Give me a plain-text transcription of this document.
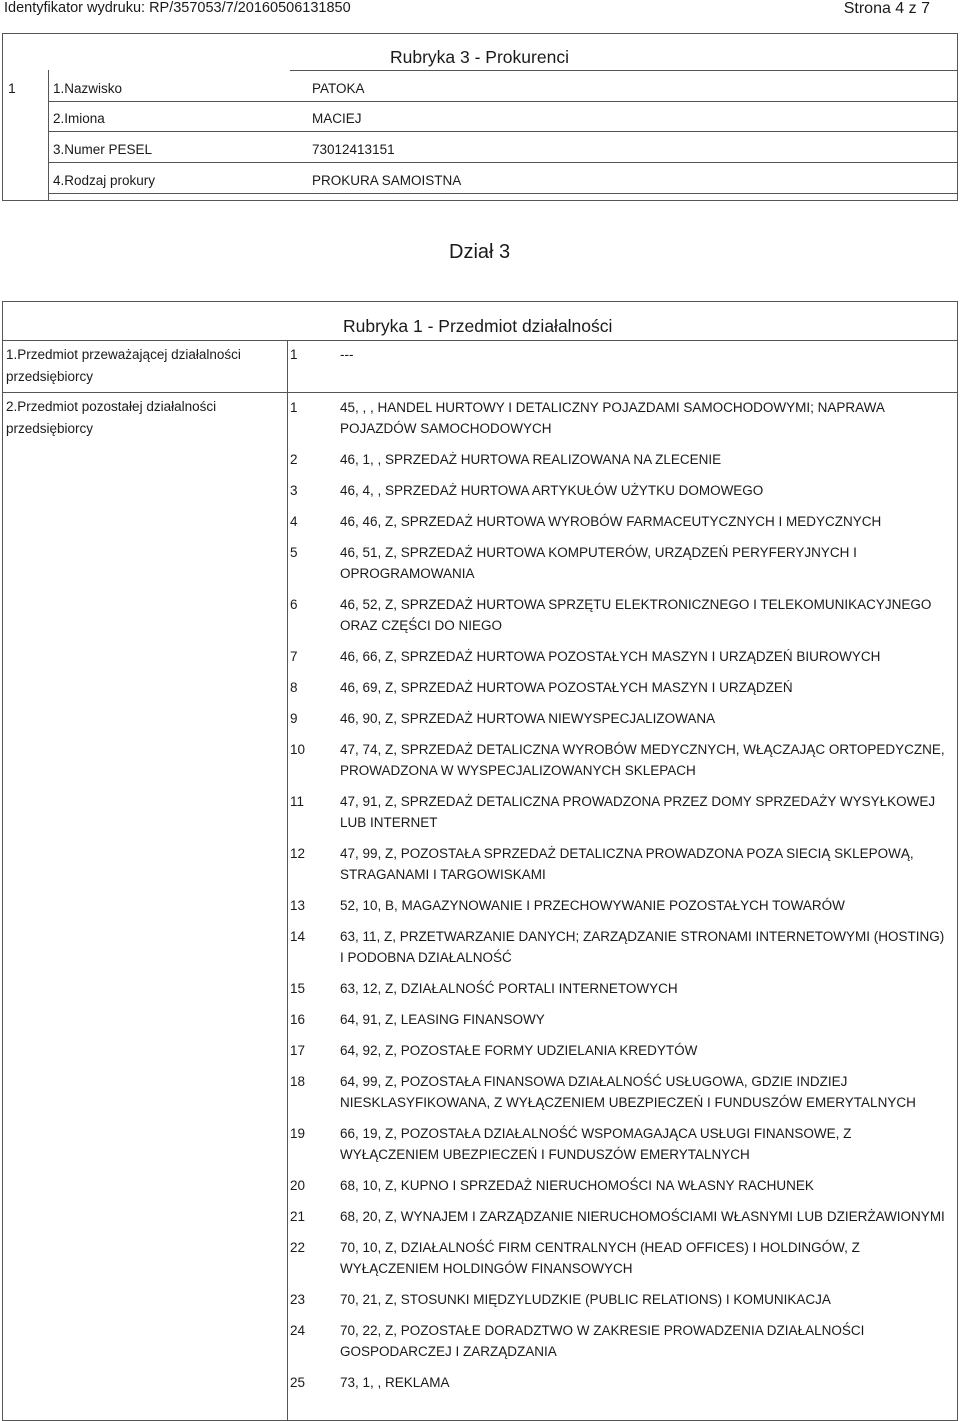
Identyfikator wydruku: RP/357053/7/20160506131850	Strona 4 z 7
Rubryka 3 - Prokurenci
1	1.Nazwisko	PATOKA
2.Imiona	MACIEJ
3.Numer PESEL	73012413151
4.Rodzaj prokury	PROKURA SAMOISTNA
Dział 3
Rubryka 1 - Przedmiot działalności
1.Przedmiot przeważającej działalności
przedsiębiorcy
1	---
2.Przedmiot pozostałej działalności
przedsiębiorcy
1	45, , , HANDEL HURTOWY I DETALICZNY POJAZDAMI SAMOCHODOWYMI; NAPRAWA POJAZDÓW SAMOCHODOWYCH
2	46, 1, , SPRZEDAŻ HURTOWA REALIZOWANA NA ZLECENIE
3	46, 4, , SPRZEDAŻ HURTOWA ARTYKUŁÓW UŻYTKU DOMOWEGO
4	46, 46, Z, SPRZEDAŻ HURTOWA WYROBÓW FARMACEUTYCZNYCH I MEDYCZNYCH
5	46, 51, Z, SPRZEDAŻ HURTOWA KOMPUTERÓW, URZĄDZEŃ PERYFERYJNYCH I OPROGRAMOWANIA
6	46, 52, Z, SPRZEDAŻ HURTOWA SPRZĘTU ELEKTRONICZNEGO I TELEKOMUNIKACYJNEGO ORAZ CZĘŚCI DO NIEGO
7	46, 66, Z, SPRZEDAŻ HURTOWA POZOSTAŁYCH MASZYN I URZĄDZEŃ BIUROWYCH
8	46, 69, Z, SPRZEDAŻ HURTOWA POZOSTAŁYCH MASZYN I URZĄDZEŃ
9	46, 90, Z, SPRZEDAŻ HURTOWA NIEWYSPECJALIZOWANA
10	47, 74, Z, SPRZEDAŻ DETALICZNA WYROBÓW MEDYCZNYCH, WŁĄCZAJĄC ORTOPEDYCZNE, PROWADZONA W WYSPECJALIZOWANYCH SKLEPACH
11	47, 91, Z, SPRZEDAŻ DETALICZNA PROWADZONA PRZEZ DOMY SPRZEDAŻY WYSYŁKOWEJ LUB INTERNET
12	47, 99, Z, POZOSTAŁA SPRZEDAŻ DETALICZNA PROWADZONA POZA SIECIĄ SKLEPOWĄ, STRAGANAMI I TARGOWISKAMI
13	52, 10, B, MAGAZYNOWANIE I PRZECHOWYWANIE POZOSTAŁYCH TOWARÓW
14	63, 11, Z, PRZETWARZANIE DANYCH; ZARZĄDZANIE STRONAMI INTERNETOWYMI (HOSTING) I PODOBNA DZIAŁALNOŚĆ
15	63, 12, Z, DZIAŁALNOŚĆ PORTALI INTERNETOWYCH
16	64, 91, Z, LEASING FINANSOWY
17	64, 92, Z, POZOSTAŁE FORMY UDZIELANIA KREDYTÓW
18	64, 99, Z, POZOSTAŁA FINANSOWA DZIAŁALNOŚĆ USŁUGOWA, GDZIE INDZIEJ NIESKLASYFIKOWANA, Z WYŁĄCZENIEM UBEZPIECZEŃ I FUNDUSZÓW EMERYTALNYCH
19	66, 19, Z, POZOSTAŁA DZIAŁALNOŚĆ WSPOMAGAJĄCA USŁUGI FINANSOWE, Z WYŁĄCZENIEM UBEZPIECZEŃ I FUNDUSZÓW EMERYTALNYCH
20	68, 10, Z, KUPNO I SPRZEDAŻ NIERUCHOMOŚCI NA WŁASNY RACHUNEK
21	68, 20, Z, WYNAJEM I ZARZĄDZANIE NIERUCHOMOŚCIAMI WŁASNYMI LUB DZIERŻAWIONYMI
22	70, 10, Z, DZIAŁALNOŚĆ FIRM CENTRALNYCH (HEAD OFFICES) I HOLDINGÓW, Z WYŁĄCZENIEM HOLDINGÓW FINANSOWYCH
23	70, 21, Z, STOSUNKI MIĘDZYLUDZKIE (PUBLIC RELATIONS) I KOMUNIKACJA
24	70, 22, Z, POZOSTAŁE DORADZTWO W ZAKRESIE PROWADZENIA DZIAŁALNOŚCI GOSPODARCZEJ I ZARZĄDZANIA
25	73, 1, , REKLAMA
